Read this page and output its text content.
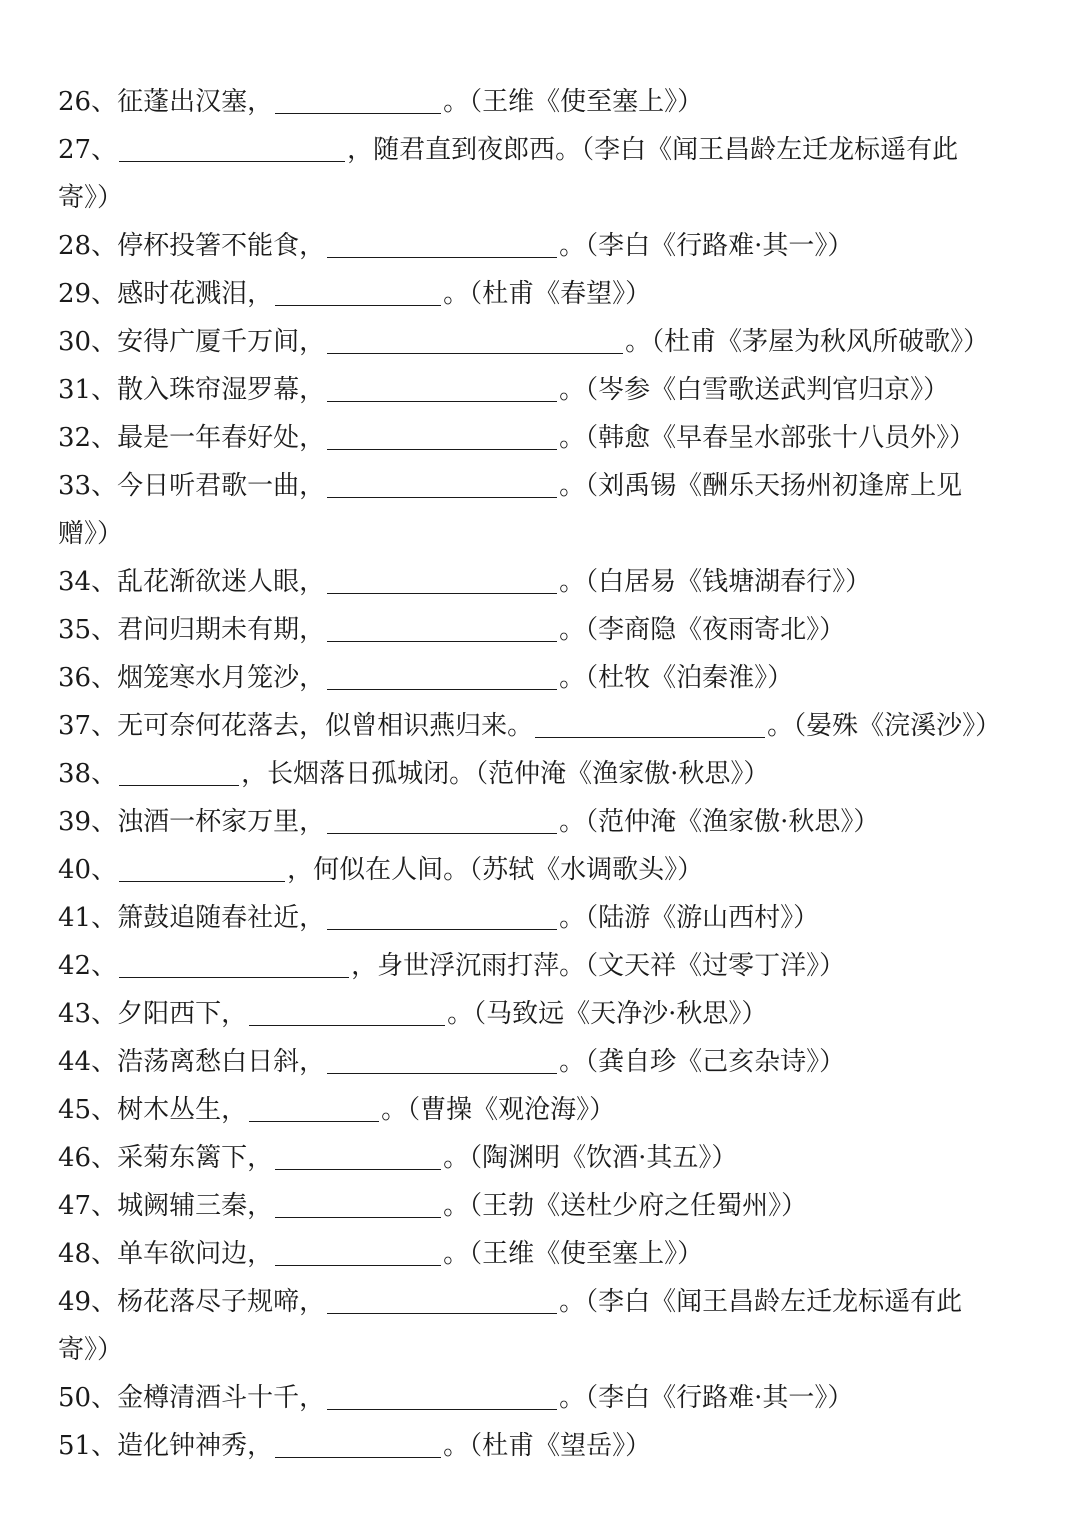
26、征蓬出汉塞，	。（王维《使至塞上》）
27、	，随君直到夜郎西。（李白《闻王昌龄左迁龙标遥有此
寄》）
28、停杯投箸不能食，	。（李白《行路难·其一》）
29、感时花溅泪，	。（杜甫《春望》）
30、安得广厦千万间，	。（杜甫《茅屋为秋风所破歌》）
31、散入珠帘湿罗幕，	。（岑参《白雪歌送武判官归京》）
32、最是一年春好处，	。（韩愈《早春呈水部张十八员外》）
33、今日听君歌一曲，	。（刘禹锡《酬乐天扬州初逢席上见
赠》）
34、乱花渐欲迷人眼，	。（白居易《钱塘湖春行》）
35、君问归期未有期，	。（李商隐《夜雨寄北》）
36、烟笼寒水月笼沙，	。（杜牧《泊秦淮》）
37、无可奈何花落去，似曾相识燕归来。	。（晏殊《浣溪沙》）
38、	，长烟落日孤城闭。（范仲淹《渔家傲·秋思》）
39、浊酒一杯家万里，	。（范仲淹《渔家傲·秋思》）
40、	，何似在人间。（苏轼《水调歌头》）
41、箫鼓追随春社近，	。（陆游《游山西村》）
42、	，身世浮沉雨打萍。（文天祥《过零丁洋》）
43、夕阳西下，	。（马致远《天净沙·秋思》）
44、浩荡离愁白日斜，	。（龚自珍《己亥杂诗》）
45、树木丛生，	。（曹操《观沧海》）
46、采菊东篱下，	。（陶渊明《饮酒·其五》）
47、城阙辅三秦，	。（王勃《送杜少府之任蜀州》）
48、单车欲问边，	。（王维《使至塞上》）
49、杨花落尽子规啼，	。（李白《闻王昌龄左迁龙标遥有此
寄》）
50、金樽清酒斗十千，	。（李白《行路难·其一》）
51、造化钟神秀，	。（杜甫《望岳》）
